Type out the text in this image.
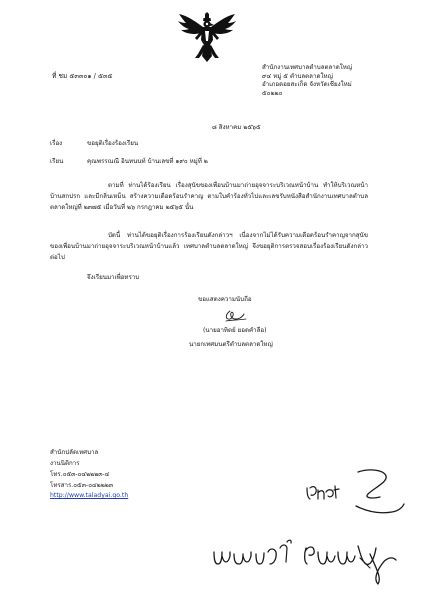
ที่ ชม ๕๓๓๐๑ / ๕๓๕
สำนักงานเทศบาลตำบลตลาดใหญ่
๙๔ หมู่ ๕ ตำบลตลาดใหญ่
อำเภอดอยสะเก็ด จังหวัดเชียงใหม่
๕๐๒๒๐
๘ สิงหาคม ๒๕๖๕
เรื่อง	ขอยุติเรื่องร้องเรียน
เรียน	คุณพรรณณี อินทนนท์ บ้านเลขที่ ๑๙๐ หมู่ที่ ๒
ตามที่ ท่านได้ร้องเรียน เรื่องสุนัขของเพื่อนบ้านมาถ่ายอุจจาระบริเวณหน้าบ้าน ทำให้บริเวณหน้าบ้านสกปรก และมีกลิ่นเหม็น สร้างความเดือดร้อนรำคาญ ตามใบคำร้องทั่วไปและเลขรับหนังสือสำนักงานเทศบาลตำบลตลาดใหญ่ที่ ๒๓๗๕ เมื่อวันที่ ๒๖ กรกฎาคม ๒๕๖๕ นั้น
บัดนี้ ท่านได้ขอยุติเรื่องการร้องเรียนดังกล่าวฯ เนื่องจากไม่ได้รับความเดือดร้อนรำคาญจากสุนัขของเพื่อนบ้านมาถ่ายอุจจาระบริเวณหน้าบ้านแล้ว เทศบาลตำบลตลาดใหญ่ จึงขอยุติการตรวจสอบเรื่องร้องเรียนดังกล่าว ต่อไป
จึงเรียนมาเพื่อทราบ
ขอแสดงความนับถือ
(นายอาทิตย์ ยอดคำลือ)
นายกเทศมนตรีตำบลตลาดใหญ่
สำนักปลัดเทศบาล
งานนิติการ
โทร.๐๕๓-๐๔๒๒๒๓-๔
โทรสาร.๐๕๓-๐๔๒๒๒๓
http://www.taladyai.go.th
